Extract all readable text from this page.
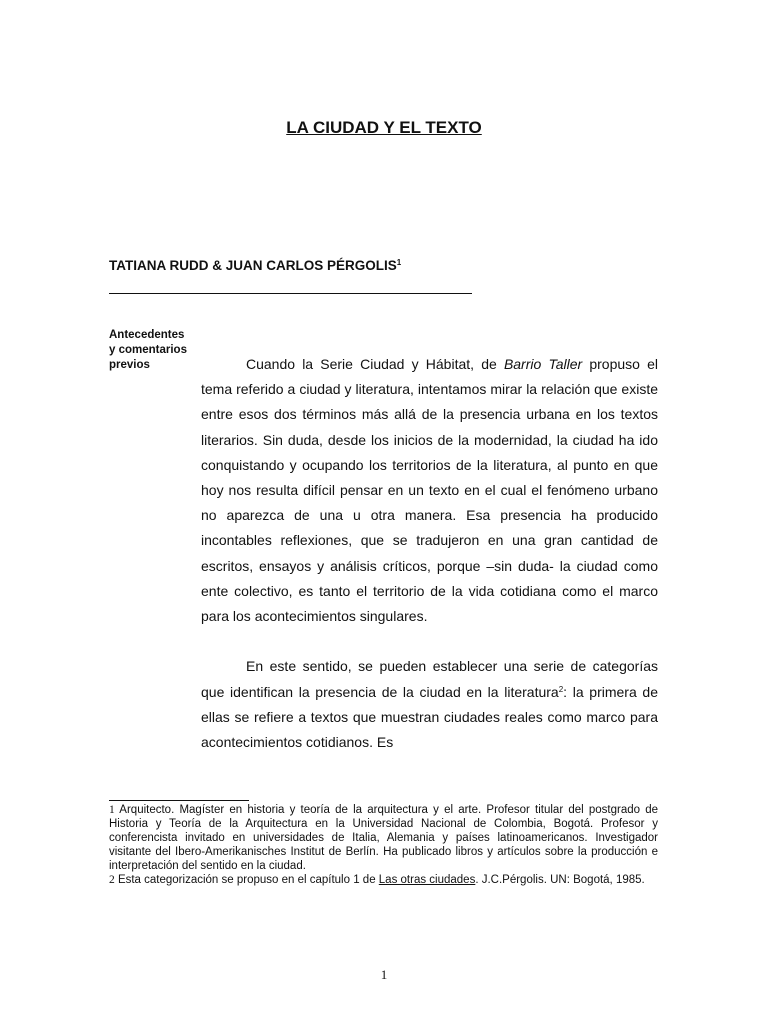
LA CIUDAD Y EL TEXTO
TATIANA RUDD & JUAN CARLOS PÉRGOLIS$^1$
Antecedentes
y comentarios
previos	Cuando la Serie Ciudad y Hábitat, de Barrio Taller propuso el tema referido a ciudad y literatura, intentamos mirar la relación que existe entre esos dos términos más allá de la presencia urbana en los textos literarios. Sin duda, desde los inicios de la modernidad, la ciudad ha ido conquistando y ocupando los territorios de la literatura, al punto en que hoy nos resulta difícil pensar en un texto en el cual el fenómeno urbano no aparezca de una u otra manera. Esa presencia ha producido incontables reflexiones, que se tradujeron en una gran cantidad de escritos, ensayos y análisis críticos, porque –sin duda- la ciudad como ente colectivo, es tanto el territorio de la vida cotidiana como el marco para los acontecimientos singulares.

En este sentido, se pueden establecer una serie de categorías que identifican la presencia de la ciudad en la literatura$^2$: la primera de ellas se refiere a textos que muestran ciudades reales como marco para acontecimientos cotidianos. Es

1 Arquitecto. Magíster en historia y teoría de la arquitectura y el arte. Profesor titular del postgrado de Historia y Teoría de la Arquitectura en la Universidad Nacional de Colombia, Bogotá. Profesor y conferencista invitado en universidades de Italia, Alemania y países latinoamericanos. Investigador visitante del Ibero-Amerikanisches Institut de Berlín. Ha publicado libros y artículos sobre la producción e interpretación del sentido en la ciudad.

2 Esta categorización se propuso en el capítulo 1 de Las otras ciudades. J.C.Pérgolis. UN: Bogotá, 1985.

1
